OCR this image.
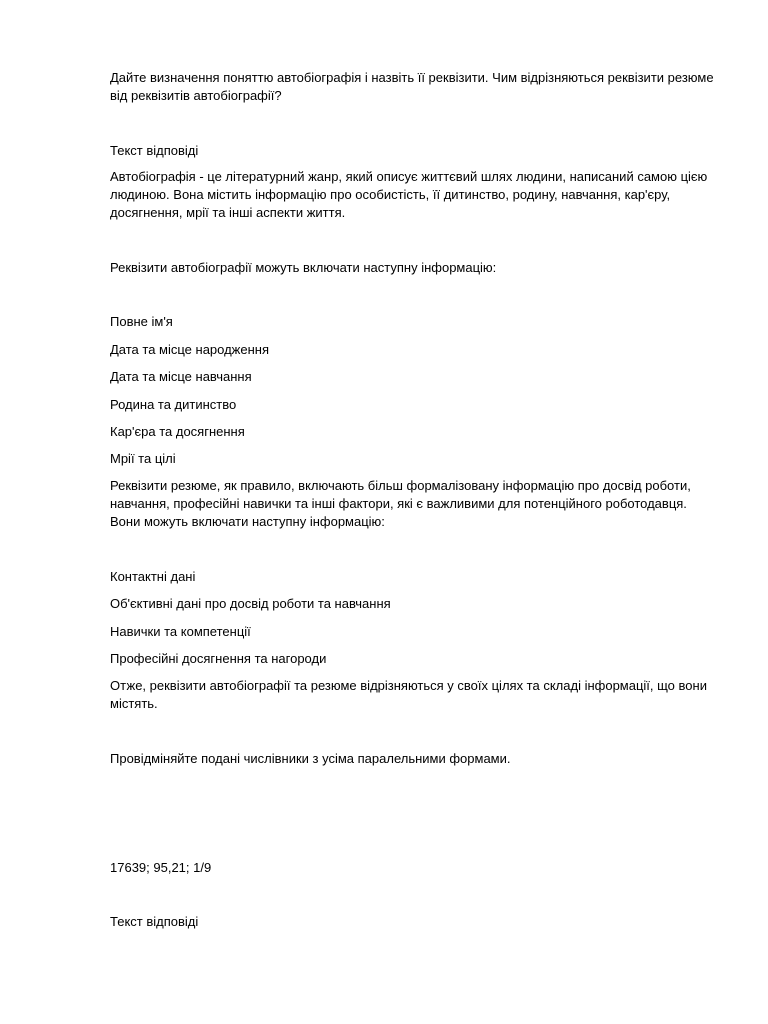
Дайте визначення поняттю автобіографія і назвіть її реквізити. Чим відрізняються реквізити резюме від реквізитів автобіографії?

Текст відповіді

Автобіографія - це літературний жанр, який описує життєвий шлях людини, написаний самою цією людиною. Вона містить інформацію про особистість, її дитинство, родину, навчання, кар'єру, досягнення, мрії та інші аспекти життя.

Реквізити автобіографії можуть включати наступну інформацію:

Повне ім'я

Дата та місце народження

Дата та місце навчання

Родина та дитинство

Кар'єра та досягнення

Мрії та цілі

Реквізити резюме, як правило, включають більш формалізовану інформацію про досвід роботи, навчання, професійні навички та інші фактори, які є важливими для потенційного роботодавця. Вони можуть включати наступну інформацію:

Контактні дані

Об'єктивні дані про досвід роботи та навчання

Навички та компетенції

Професійні досягнення та нагороди

Отже, реквізити автобіографії та резюме відрізняються у своїх цілях та складі інформації, що вони містять.

Провідміняйте подані числівники з усіма паралельними формами.

17639; 95,21; 1/9

Текст відповіді
